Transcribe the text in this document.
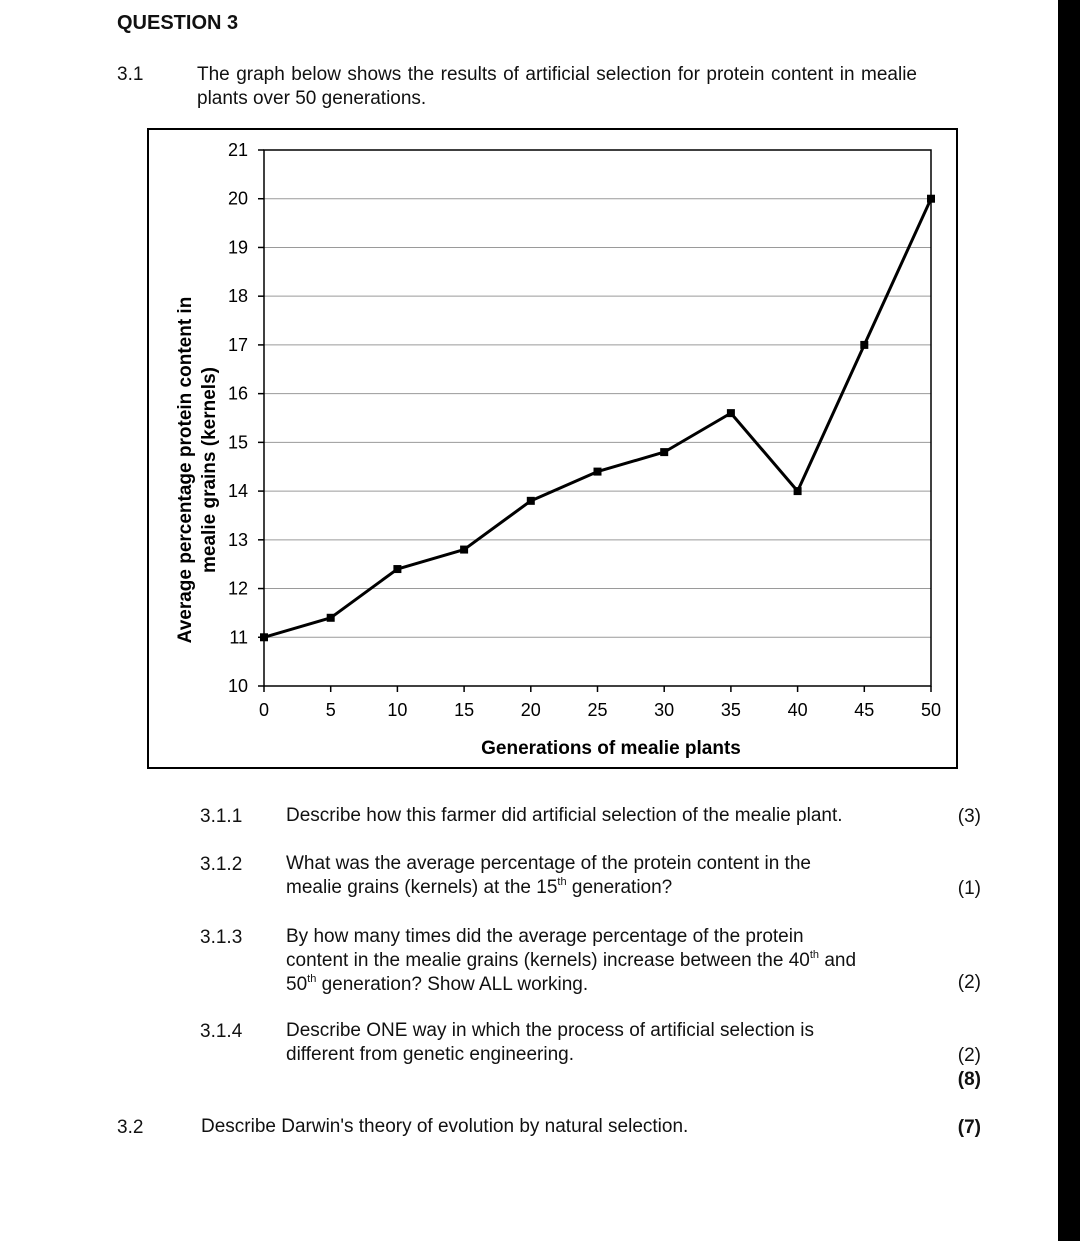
QUESTION 3
3.1	The graph below shows the results of artificial selection for protein content in mealie plants over 50 generations.
10
11
12
13
14
15
16
17
18
19
20
21
0	5	10	15	20	25	30	35	40	45	50
Generations of mealie plants
Average percentage protein content in mealie grains (kernels)
3.1.1 Describe how this farmer did artificial selection of the mealie plant.	(3)
3.1.2 What was the average percentage of the protein content in the
mealie grains (kernels) at the 15th generation?	(1)
3.1.3 By how many times did the average percentage of the protein
content in the mealie grains (kernels) increase between the 40th and
50th generation? Show ALL working.	(2)
3.1.4 Describe ONE way in which the process of artificial selection is
different from genetic engineering.	(2)
(8)
3.2	Describe Darwin's theory of evolution by natural selection.	(7)
